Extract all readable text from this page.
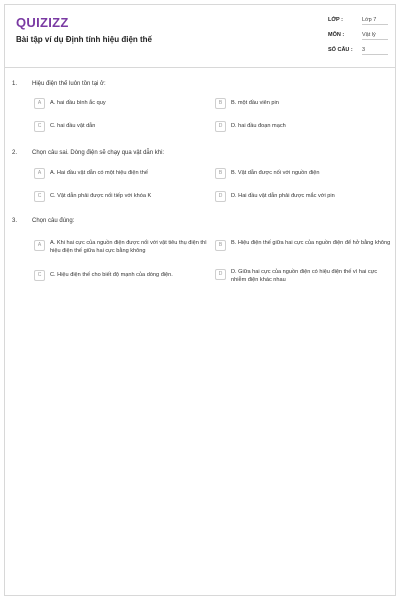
QUIZIZZ
Bài tập ví dụ Định tính hiệu điện thế
LỚP :	Lớp 7
MÔN :	Vật lý
SỐ CÂU : 3
1. Hiệu điện thế luôn tồn tại ở:
A	A. hai đầu bình ắc quy	B	B. một đầu viên pin
C	C. hai đầu vật dẫn	D	D. hai đầu đoạn mạch
2. Chọn câu sai. Dòng điện sẽ chạy qua vật dẫn khi:
A	A. Hai đầu vật dẫn có một hiệu điện thế	B	B. Vật dẫn được nối với nguồn điện
C	C. Vật dẫn phải được nối tiếp với khóa K	D	D. Hai đầu vật dẫn phải được mắc với pin
3. Chọn câu đúng:
A	A. Khi hai cực của nguồn điện được nối với vật tiêu thụ điện thì hiệu điện thế giữa hai cực bằng không
B	B. Hiệu điện thế giữa hai cực của nguồn điện để hở bằng không
C	C. Hiệu điện thế cho biết độ mạnh của dòng điện.	D	D. Giữa hai cực của nguồn điện có hiệu điện thế vì hai cực nhiễm điện khác nhau
